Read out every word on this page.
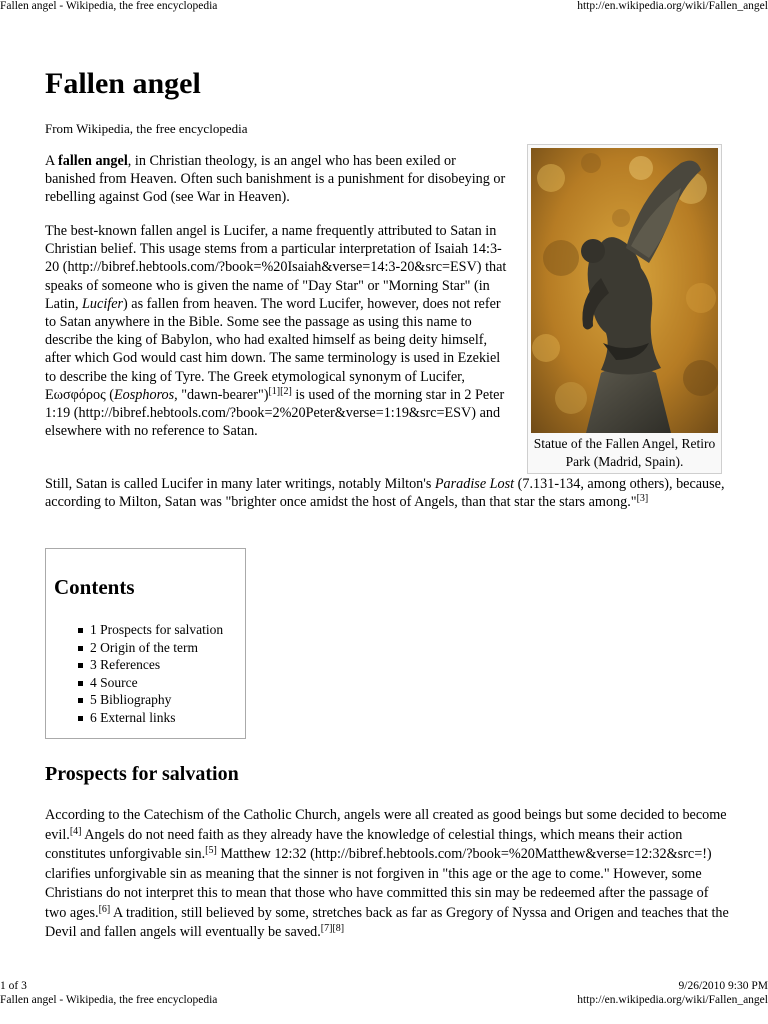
Fallen angel - Wikipedia, the free encyclopedia	http://en.wikipedia.org/wiki/Fallen_angel
Fallen angel
From Wikipedia, the free encyclopedia
A fallen angel, in Christian theology, is an angel who has been exiled or banished from Heaven. Often such banishment is a punishment for disobeying or rebelling against God (see War in Heaven).
The best-known fallen angel is Lucifer, a name frequently attributed to Satan in Christian belief. This usage stems from a particular interpretation of Isaiah 14:3-20 (http://bibref.hebtools.com/?book=%20Isaiah&verse=14:3-20&src=ESV) that speaks of someone who is given the name of "Day Star" or "Morning Star" (in Latin, Lucifer) as fallen from heaven. The word Lucifer, however, does not refer to Satan anywhere in the Bible. Some see the passage as using this name to describe the king of Babylon, who had exalted himself as being deity himself, after which God would cast him down. The same terminology is used in Ezekiel to describe the king of Tyre. The Greek etymological synonym of Lucifer, Εωσφόρος (Eosphoros, "dawn-bearer")[1][2] is used of the morning star in 2 Peter 1:19 (http://bibref.hebtools.com/?book=2%20Peter&verse=1:19&src=ESV) and elsewhere with no reference to Satan.
Statue of the Fallen Angel, Retiro Park (Madrid, Spain).
Still, Satan is called Lucifer in many later writings, notably Milton's Paradise Lost (7.131-134, among others), because, according to Milton, Satan was "brighter once amidst the host of Angels, than that star the stars among."[3]
Contents
1 Prospects for salvation
2 Origin of the term
3 References
4 Source
5 Bibliography
6 External links
Prospects for salvation
According to the Catechism of the Catholic Church, angels were all created as good beings but some decided to become evil.[4] Angels do not need faith as they already have the knowledge of celestial things, which means their action constitutes unforgivable sin.[5] Matthew 12:32 (http://bibref.hebtools.com/?book=%20Matthew&verse=12:32&src=!) clarifies unforgivable sin as meaning that the sinner is not forgiven in "this age or the age to come." However, some Christians do not interpret this to mean that those who have committed this sin may be redeemed after the passage of two ages.[6] A tradition, still believed by some, stretches back as far as Gregory of Nyssa and Origen and teaches that the Devil and fallen angels will eventually be saved.[7][8]
1 of 3	9/26/2010 9:30 PM
Fallen angel - Wikipedia, the free encyclopedia	http://en.wikipedia.org/wiki/Fallen_angel
